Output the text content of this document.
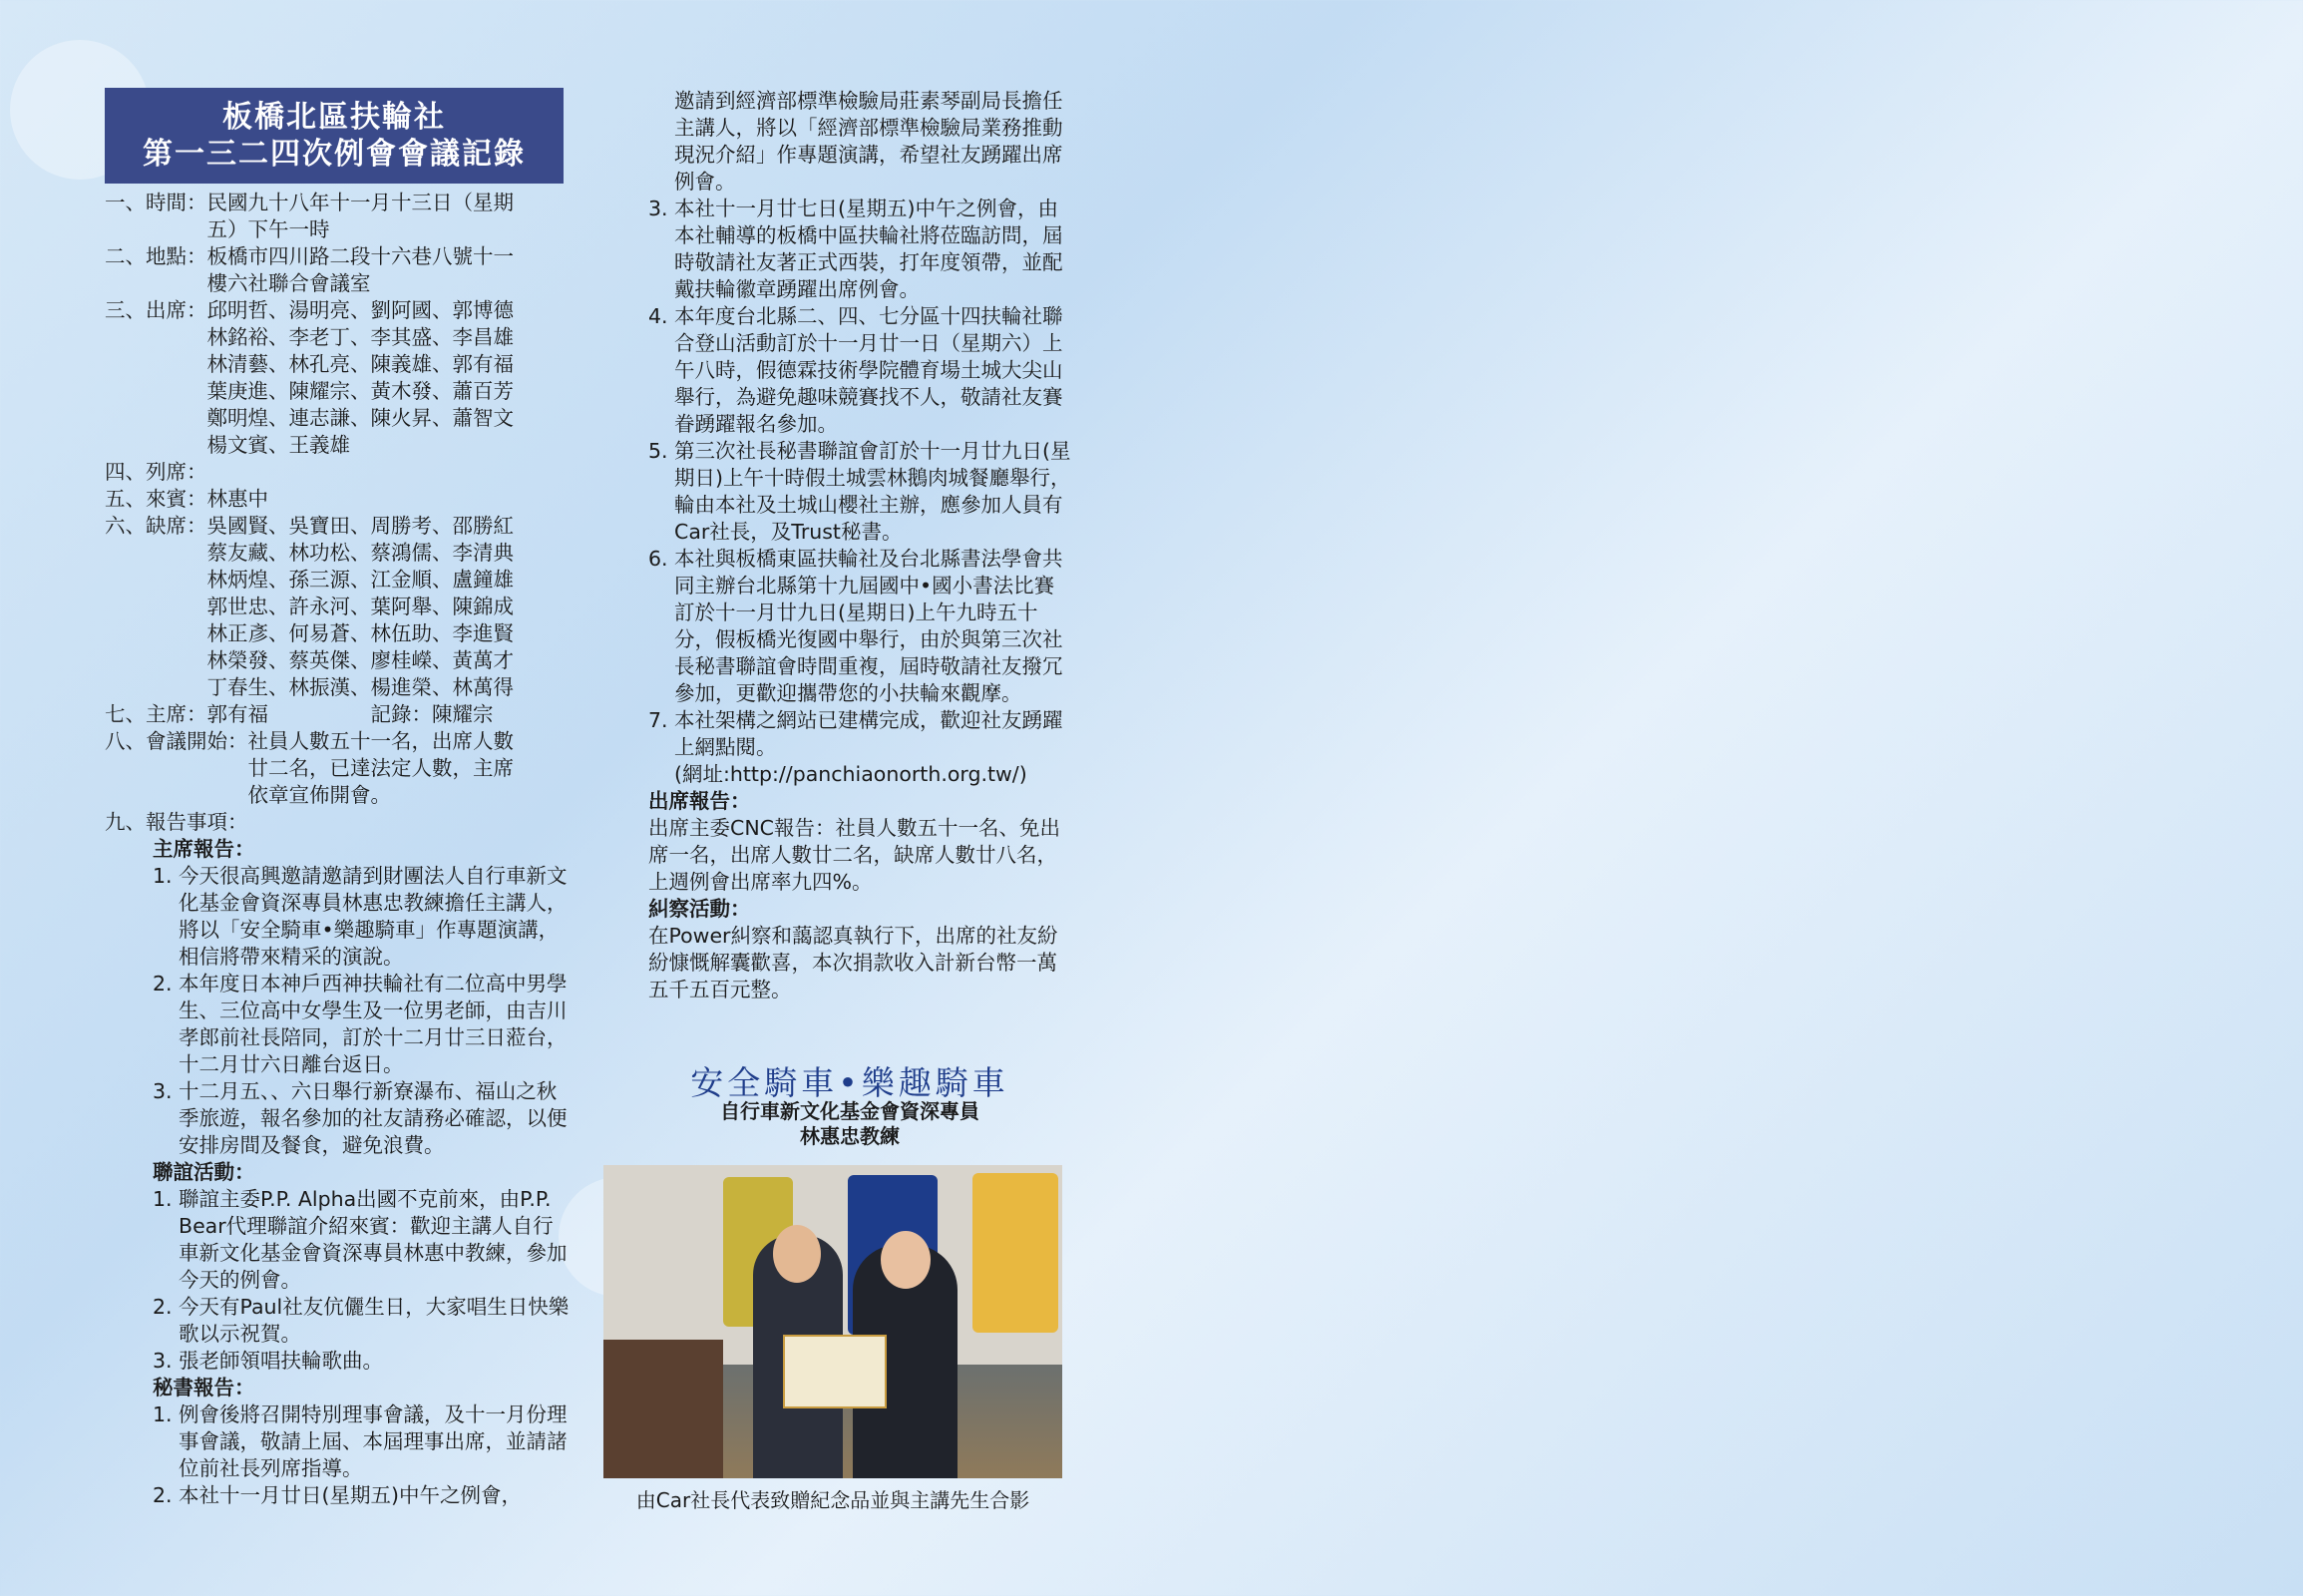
板橋北區扶輪社
第一三二四次例會會議記錄
一、時間： 民國九十八年十一月十三日（星期
五）下午一時
二、地點： 板橋市四川路二段十六巷八號十一
樓六社聯合會議室
三、出席： 邱明哲、湯明亮、劉阿國、郭博德
林銘裕、李老丁、李其盛、李昌雄
林清藝、林孔亮、陳義雄、郭有福
葉庚進、陳耀宗、黃木發、蕭百芳
鄭明煌、連志謙、陳火昇、蕭智文
楊文賓、王義雄
四、列席：
五、來賓： 林惠中
六、缺席： 吳國賢、吳寶田、周勝考、邵勝紅
蔡友藏、林功松、蔡鴻儒、李清典
林炳煌、孫三源、江金順、盧鐘雄
郭世忠、許永河、葉阿舉、陳錦成
林正彥、何易蒼、林伍助、李進賢
林榮發、蔡英傑、廖桂嶸、黃萬才
丁春生、林振漢、楊進榮、林萬得
七、主席： 郭有福　　　　　記錄：陳耀宗
八、會議開始： 社員人數五十一名，出席人數
廿二名，已達法定人數，主席
依章宣佈開會。
九、報告事項：
主席報告：
1. 今天很高興邀請邀請到財團法人自行車新文化基金會資深專員林惠忠教練擔任主講人，將以「安全騎車•樂趣騎車」作專題演講，相信將帶來精采的演說。
2. 本年度日本神戶西神扶輪社有二位高中男學生、三位高中女學生及一位男老師，由吉川孝郎前社長陪同，訂於十二月廿三日蒞台，十二月廿六日離台返日。
3. 十二月五、、六日舉行新寮瀑布、福山之秋季旅遊，報名參加的社友請務必確認，以便安排房間及餐食，避免浪費。
聯誼活動：
1. 聯誼主委P.P. Alpha出國不克前來，由P.P. Bear代理聯誼介紹來賓：歡迎主講人自行車新文化基金會資深專員林惠中教練，參加今天的例會。
2. 今天有Paul社友伉儷生日，大家唱生日快樂歌以示祝賀。
3. 張老師領唱扶輪歌曲。
秘書報告：
1. 例會後將召開特別理事會議，及十一月份理事會議，敬請上屆、本屆理事出席，並請諸位前社長列席指導。
2. 本社十一月廿日(星期五)中午之例會，
邀請到經濟部標準檢驗局莊素琴副局長擔任主講人，將以「經濟部標準檢驗局業務推動現況介紹」作專題演講，希望社友踴躍出席例會。
3. 本社十一月廿七日(星期五)中午之例會，由本社輔導的板橋中區扶輪社將莅臨訪問，屆時敬請社友著正式西裝，打年度領帶，並配戴扶輪徽章踴躍出席例會。
4. 本年度台北縣二、四、七分區十四扶輪社聯合登山活動訂於十一月廿一日（星期六）上午八時，假德霖技術學院體育場土城大尖山舉行，為避免趣味競賽找不人，敬請社友賽眷踴躍報名參加。
5. 第三次社長秘書聯誼會訂於十一月廿九日(星期日)上午十時假土城雲林鵝肉城餐廳舉行，輪由本社及土城山櫻社主辦，應參加人員有Car社長，及Trust秘書。
6. 本社與板橋東區扶輪社及台北縣書法學會共同主辦台北縣第十九屆國中•國小書法比賽訂於十一月廿九日(星期日)上午九時五十分，假板橋光復國中舉行，由於與第三次社長秘書聯誼會時間重複，屆時敬請社友撥冗參加，更歡迎攜帶您的小扶輪來觀摩。
7. 本社架構之網站已建構完成，歡迎社友踴躍上網點閱。
(網址:http://panchiaonorth.org.tw/)
出席報告：
出席主委CNC報告：社員人數五十一名、免出席一名，出席人數廿二名，缺席人數廿八名，上週例會出席率九四%。
糾察活動：
在Power糾察和藹認真執行下，出席的社友紛紛慷慨解囊歡喜，本次捐款收入計新台幣一萬五千五百元整。
安全騎車•樂趣騎車
自行車新文化基金會資深專員
林惠忠教練
由Car社長代表致贈紀念品並與主講先生合影
